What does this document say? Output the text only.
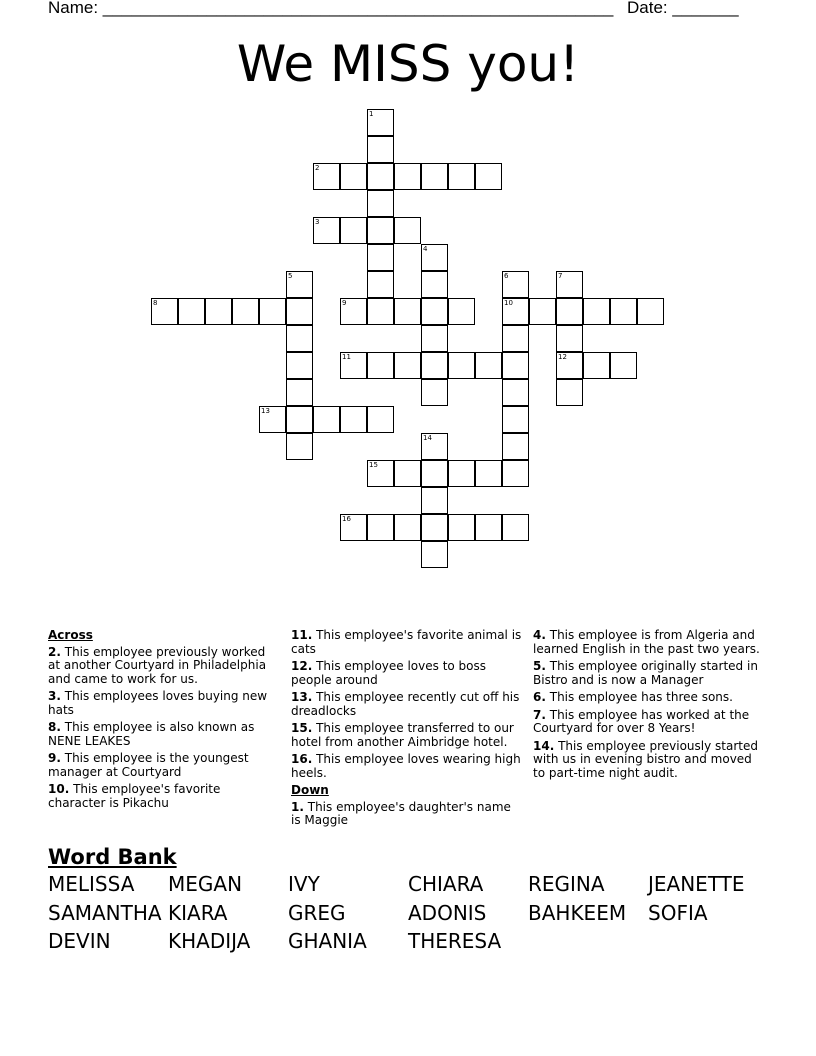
Name: ______________________________________________________ Date: _______
We MISS you!
1
2
3
4
5	6	7
8	9	10
11	12
13
14
15
16
Across
2. This employee previously worked at another Courtyard in Philadelphia and came to work for us.
3. This employees loves buying new hats
8. This employee is also known as NENE LEAKES
9. This employee is the youngest manager at Courtyard
10. This employee's favorite character is Pikachu
11. This employee's favorite animal is cats
12. This employee loves to boss people around
13. This employee recently cut off his dreadlocks
15. This employee transferred to our hotel from another Aimbridge hotel.
16. This employee loves wearing high heels.
Down
1. This employee's daughter's name is Maggie
4. This employee is from Algeria and learned English in the past two years.
5. This employee originally started in Bistro and is now a Manager
6. This employee has three sons.
7. This employee has worked at the Courtyard for over 8 Years!
14. This employee previously started with us in evening bistro and moved to part-time night audit.
Word Bank
MELISSA MEGAN IVY	CHIARA REGINA JEANETTE
SAMANTHA KIARA	GREG	ADONIS BAHKEEM SOFIA
DEVIN	KHADIJA GHANIA THERESA
